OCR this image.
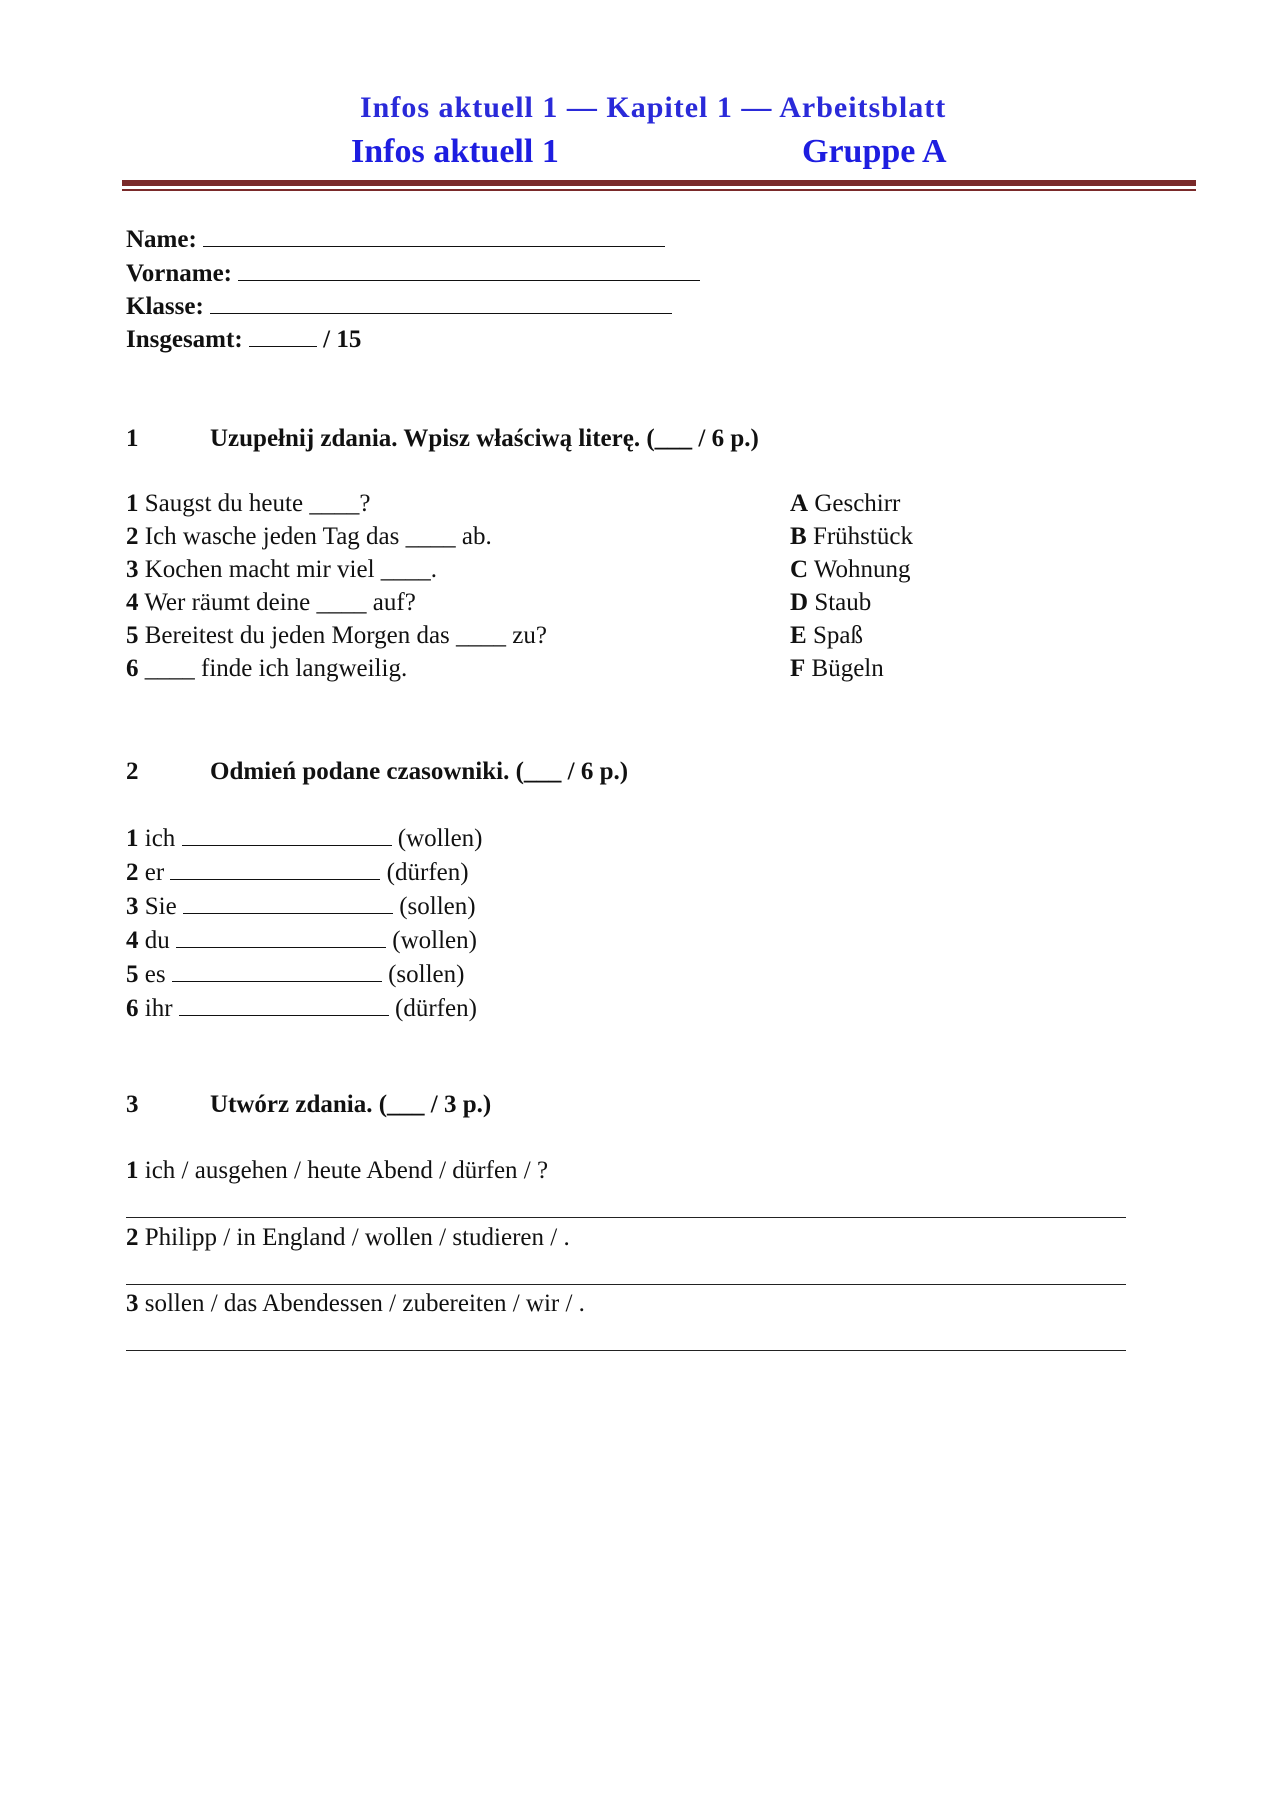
Infos aktuell 1 — Kapitel 1 — Arbeitsblatt
Infos aktuell 1	Gruppe A
Name:
Vorname:
Klasse:
Insgesamt:	/ 15
1	Uzupełnij zdania. Wpisz właściwą literę. (___ / 6 p.)
1 Saugst du heute ____?
2 Ich wasche jeden Tag das ____ ab.
3 Kochen macht mir viel ____.
4 Wer räumt deine ____ auf?
5 Bereitest du jeden Morgen das ____ zu?
6 ____ finde ich langweilig.
A Geschirr
B Frühstück
C Wohnung
D Staub
E Spaß
F Bügeln
2	Odmień podane czasowniki. (___ / 6 p.)
1 ich	(wollen)
2 er	(dürfen)
3 Sie	(sollen)
4 du	(wollen)
5 es	(sollen)
6 ihr	(dürfen)
3	Utwórz zdania. (___ / 3 p.)
1 ich / ausgehen / heute Abend / dürfen / ?
2 Philipp / in England / wollen / studieren / .
3 sollen / das Abendessen / zubereiten / wir / .
